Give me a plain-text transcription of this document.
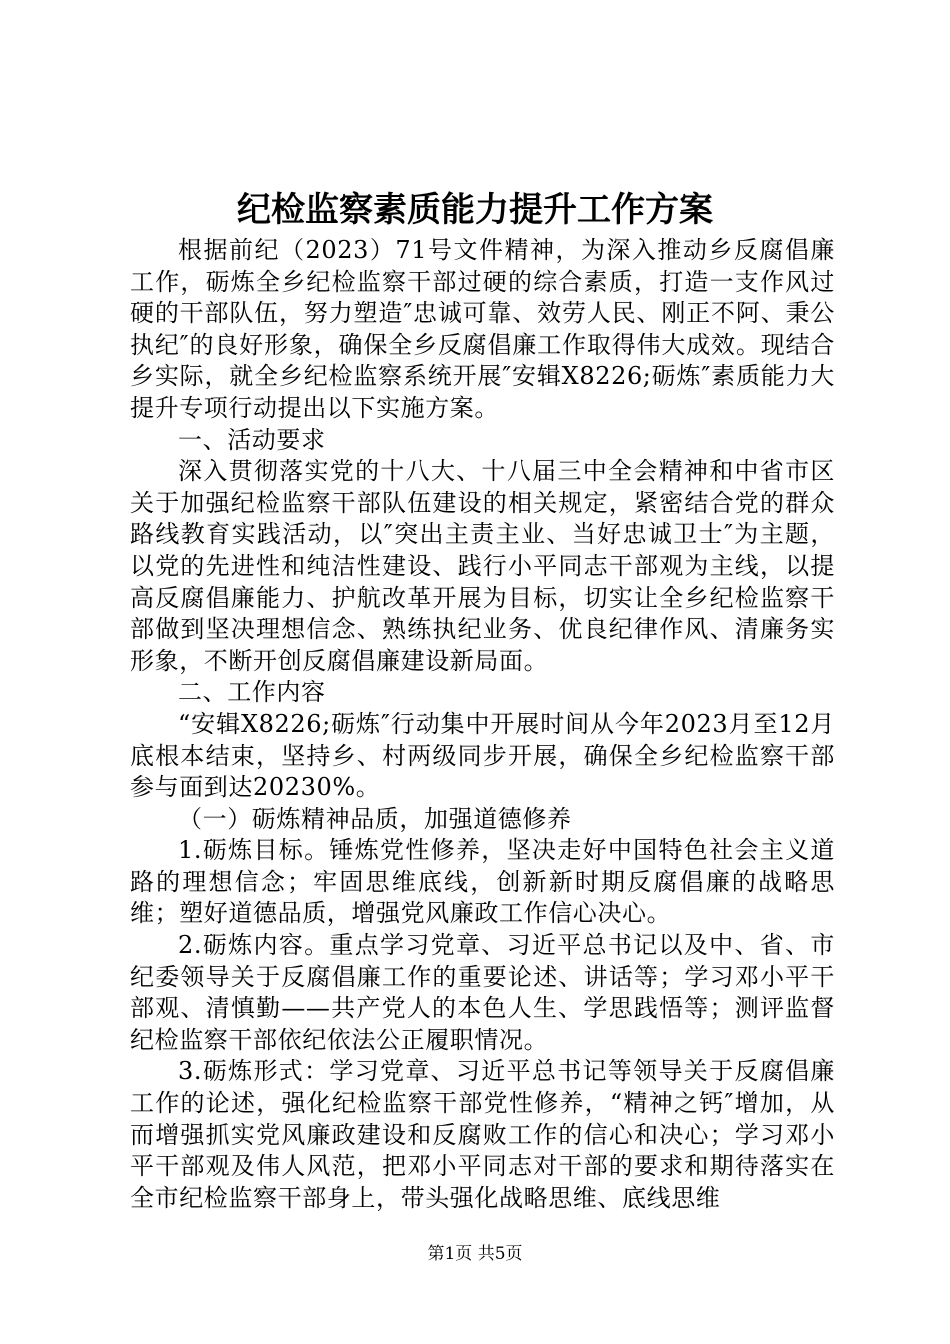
纪检监察素质能力提升工作方案

根据前纪（2023）71号文件精神，为深入推动乡反腐倡廉工作，砺炼全乡纪检监察干部过硬的综合素质，打造一支作风过硬的干部队伍，努力塑造″忠诚可靠、效劳人民、刚正不阿、秉公执纪″的良好形象，确保全乡反腐倡廉工作取得伟大成效。现结合乡实际，就全乡纪检监察系统开展″安辑X8226;砺炼″素质能力大提升专项行动提出以下实施方案。

一、活动要求

深入贯彻落实党的十八大、十八届三中全会精神和中省市区关于加强纪检监察干部队伍建设的相关规定，紧密结合党的群众路线教育实践活动，以″突出主责主业、当好忠诚卫士″为主题，以党的先进性和纯洁性建设、践行小平同志干部观为主线，以提高反腐倡廉能力、护航改革开展为目标，切实让全乡纪检监察干部做到坚决理想信念、熟练执纪业务、优良纪律作风、清廉务实形象，不断开创反腐倡廉建设新局面。

二、工作内容

“安辑X8226;砺炼″行动集中开展时间从今年2023月至12月底根本结束，坚持乡、村两级同步开展，确保全乡纪检监察干部参与面到达20230%。

（一）砺炼精神品质，加强道德修养

1.砺炼目标。锤炼党性修养，坚决走好中国特色社会主义道路的理想信念；牢固思维底线，创新新时期反腐倡廉的战略思维；塑好道德品质，增强党风廉政工作信心决心。

2.砺炼内容。重点学习党章、习近平总书记以及中、省、市纪委领导关于反腐倡廉工作的重要论述、讲话等；学习邓小平干部观、清慎勤——共产党人的本色人生、学思践悟等；测评监督纪检监察干部依纪依法公正履职情况。

3.砺炼形式：学习党章、习近平总书记等领导关于反腐倡廉工作的论述，强化纪检监察干部党性修养，“精神之钙″增加，从而增强抓实党风廉政建设和反腐败工作的信心和决心；学习邓小平干部观及伟人风范，把邓小平同志对干部的要求和期待落实在全市纪检监察干部身上，带头强化战略思维、底线思维

第1页 共5页
